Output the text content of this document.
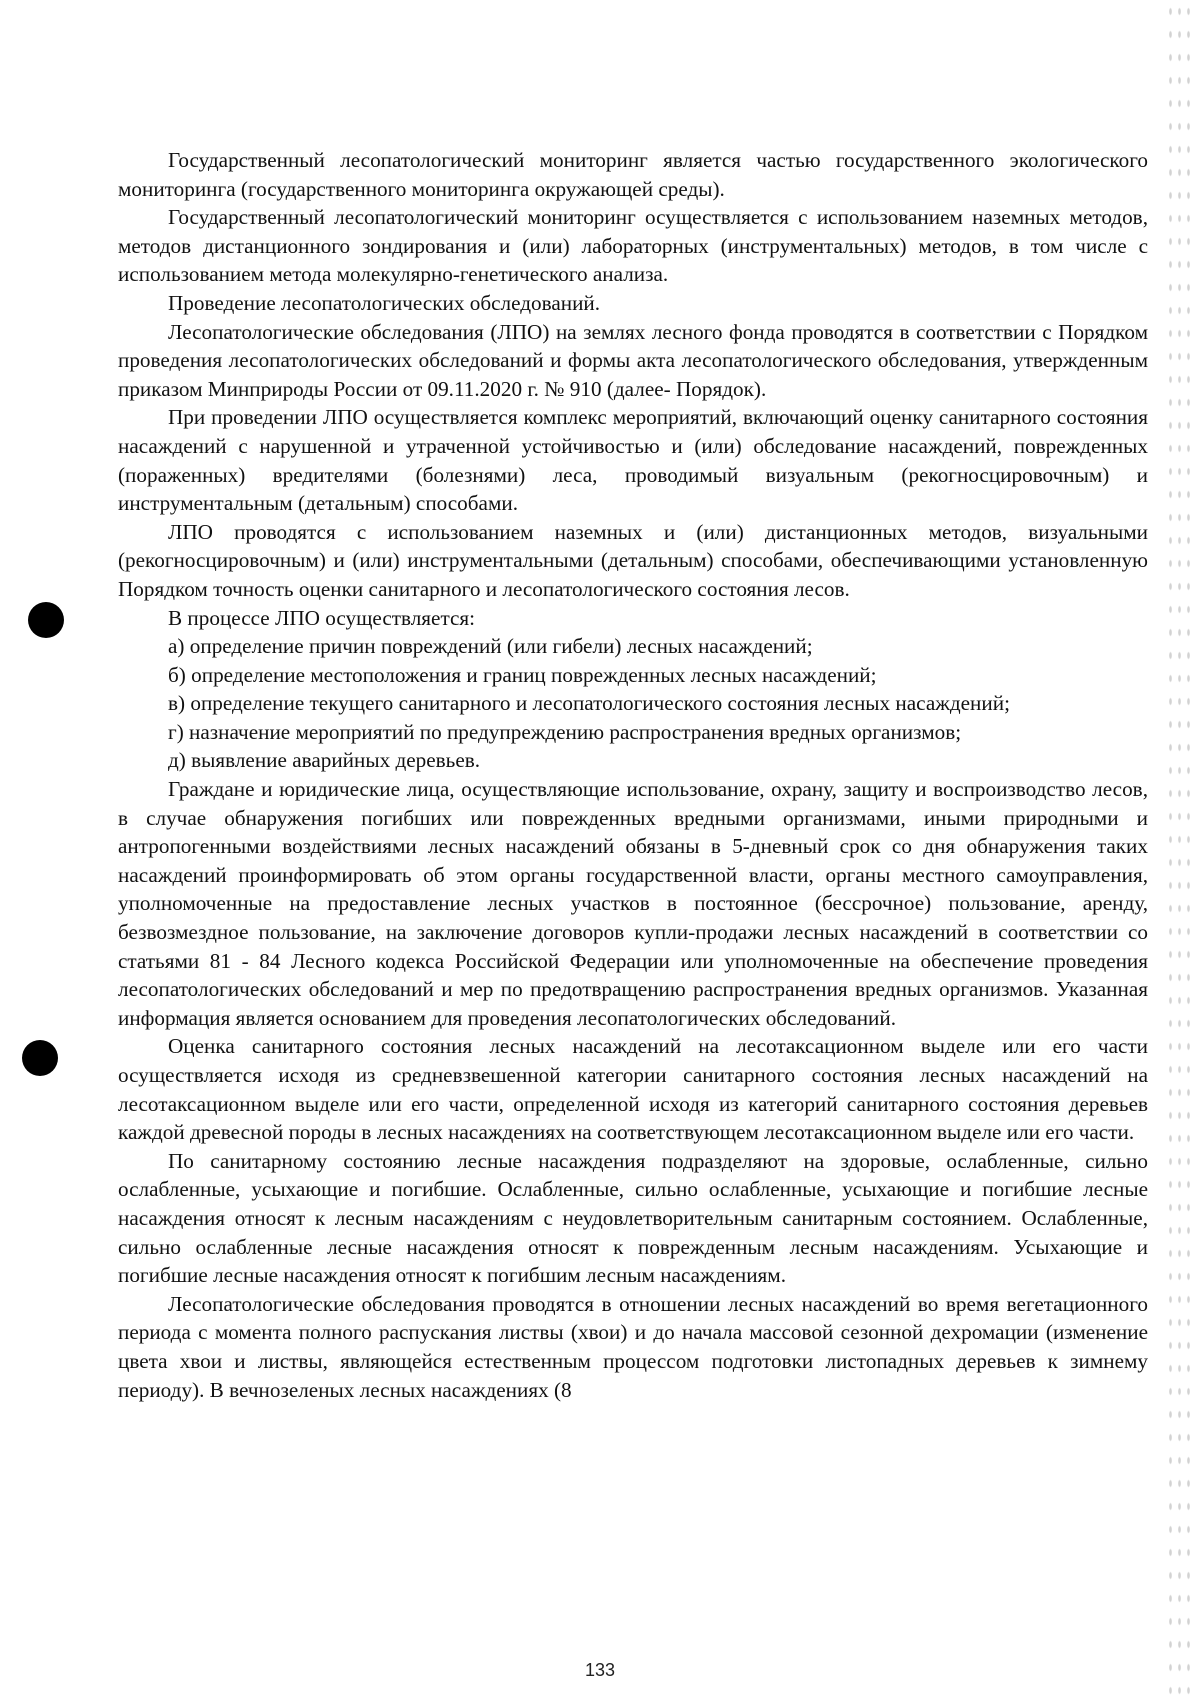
Государственный лесопатологический мониторинг является частью государственного экологического мониторинга (государственного мониторинга окружающей среды).

Государственный лесопатологический мониторинг осуществляется с использованием наземных методов, методов дистанционного зондирования и (или) лабораторных (инструментальных) методов, в том числе с использованием метода молекулярно-генетического анализа.

Проведение лесопатологических обследований.

Лесопатологические обследования (ЛПО) на землях лесного фонда проводятся в соответствии с Порядком проведения лесопатологических обследований и формы акта лесопатологического обследования, утвержденным приказом Минприроды России от 09.11.2020 г. № 910 (далее- Порядок).

При проведении ЛПО осуществляется комплекс мероприятий, включающий оценку санитарного состояния насаждений с нарушенной и утраченной устойчивостью и (или) обследование насаждений, поврежденных (пораженных) вредителями (болезнями) леса, проводимый визуальным (рекогносцировочным) и инструментальным (детальным) способами.

ЛПО проводятся с использованием наземных и (или) дистанционных методов, визуальными (рекогносцировочным) и (или) инструментальными (детальным) способами, обеспечивающими установленную Порядком точность оценки санитарного и лесопатологического состояния лесов.

В процессе ЛПО осуществляется:

а) определение причин повреждений (или гибели) лесных насаждений;

б) определение местоположения и границ поврежденных лесных насаждений;

в) определение текущего санитарного и лесопатологического состояния лесных насаждений;

г) назначение мероприятий по предупреждению распространения вредных организмов;

д) выявление аварийных деревьев.

Граждане и юридические лица, осуществляющие использование, охрану, защиту и воспроизводство лесов, в случае обнаружения погибших или поврежденных вредными организмами, иными природными и антропогенными воздействиями лесных насаждений обязаны в 5-дневный срок со дня обнаружения таких насаждений проинформировать об этом органы государственной власти, органы местного самоуправления, уполномоченные на предоставление лесных участков в постоянное (бессрочное) пользование, аренду, безвозмездное пользование, на заключение договоров купли-продажи лесных насаждений в соответствии со статьями 81 - 84 Лесного кодекса Российской Федерации или уполномоченные на обеспечение проведения лесопатологических обследований и мер по предотвращению распространения вредных организмов. Указанная информация является основанием для проведения лесопатологических обследований.

Оценка санитарного состояния лесных насаждений на лесотаксационном выделе или его части осуществляется исходя из средневзвешенной категории санитарного состояния лесных насаждений на лесотаксационном выделе или его части, определенной исходя из категорий санитарного состояния деревьев каждой древесной породы в лесных насаждениях на соответствующем лесотаксационном выделе или его части.

По санитарному состоянию лесные насаждения подразделяют на здоровые, ослабленные, сильно ослабленные, усыхающие и погибшие. Ослабленные, сильно ослабленные, усыхающие и погибшие лесные насаждения относят к лесным насаждениям с неудовлетворительным санитарным состоянием. Ослабленные, сильно ослабленные лесные насаждения относят к поврежденным лесным насаждениям. Усыхающие и погибшие лесные насаждения относят к погибшим лесным насаждениям.

Лесопатологические обследования проводятся в отношении лесных насаждений во время вегетационного периода с момента полного распускания листвы (хвои) и до начала массовой сезонной дехромации (изменение цвета хвои и листвы, являющейся естественным процессом подготовки листопадных деревьев к зимнему периоду). В вечнозеленых лесных насаждениях (8

133
